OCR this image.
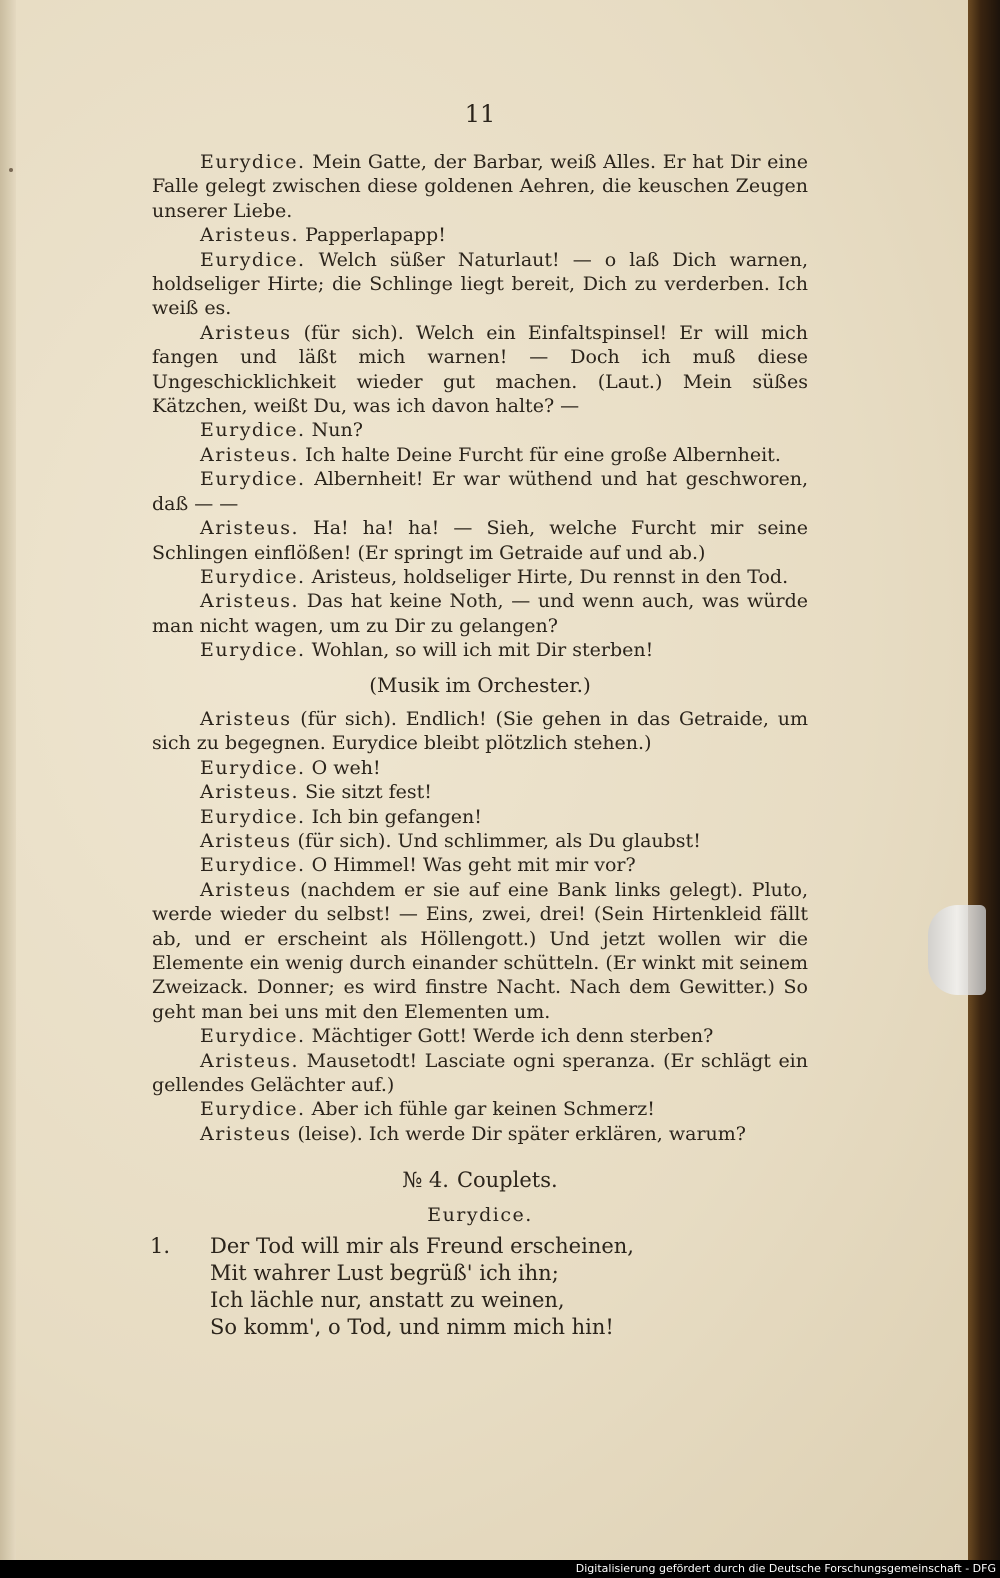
11

Eurydice. Mein Gatte, der Barbar, weiß Alles. Er hat Dir eine Falle gelegt zwischen diese goldenen Aehren, die keuschen Zeugen unserer Liebe.

Aristeus. Papperlapapp!

Eurydice. Welch süßer Naturlaut! — o laß Dich warnen, holdseliger Hirte; die Schlinge liegt bereit, Dich zu verderben. Ich weiß es.

Aristeus (für sich). Welch ein Einfaltspinsel! Er will mich fangen und läßt mich warnen! — Doch ich muß diese Ungeschicklichkeit wieder gut machen. (Laut.) Mein süßes Kätzchen, weißt Du, was ich davon halte? —

Eurydice. Nun?

Aristeus. Ich halte Deine Furcht für eine große Albernheit.

Eurydice. Albernheit! Er war wüthend und hat geschworen, daß — —

Aristeus. Ha! ha! ha! — Sieh, welche Furcht mir seine Schlingen einflößen! (Er springt im Getraide auf und ab.)

Eurydice. Aristeus, holdseliger Hirte, Du rennst in den Tod.

Aristeus. Das hat keine Noth, — und wenn auch, was würde man nicht wagen, um zu Dir zu gelangen?

Eurydice. Wohlan, so will ich mit Dir sterben!

(Musik im Orchester.)

Aristeus (für sich). Endlich! (Sie gehen in das Getraide, um sich zu begegnen. Eurydice bleibt plötzlich stehen.)

Eurydice. O weh!

Aristeus. Sie sitzt fest!

Eurydice. Ich bin gefangen!

Aristeus (für sich). Und schlimmer, als Du glaubst!

Eurydice. O Himmel! Was geht mit mir vor?

Aristeus (nachdem er sie auf eine Bank links gelegt). Pluto, werde wieder du selbst! — Eins, zwei, drei! (Sein Hirtenkleid fällt ab, und er erscheint als Höllengott.) Und jetzt wollen wir die Elemente ein wenig durch einander schütteln. (Er winkt mit seinem Zweizack. Donner; es wird finstre Nacht. Nach dem Gewitter.) So geht man bei uns mit den Elementen um.

Eurydice. Mächtiger Gott! Werde ich denn sterben?

Aristeus. Mausetodt! Lasciate ogni speranza. (Er schlägt ein gellendes Gelächter auf.)

Eurydice. Aber ich fühle gar keinen Schmerz!

Aristeus (leise). Ich werde Dir später erklären, warum?

№ 4. Couplets.

Eurydice.

1. Der Tod will mir als Freund erscheinen,
Mit wahrer Lust begrüß' ich ihn;
Ich lächle nur, anstatt zu weinen,
So komm', o Tod, und nimm mich hin!
Digitalisierung gefördert durch die Deutsche Forschungsgemeinschaft - DFG
